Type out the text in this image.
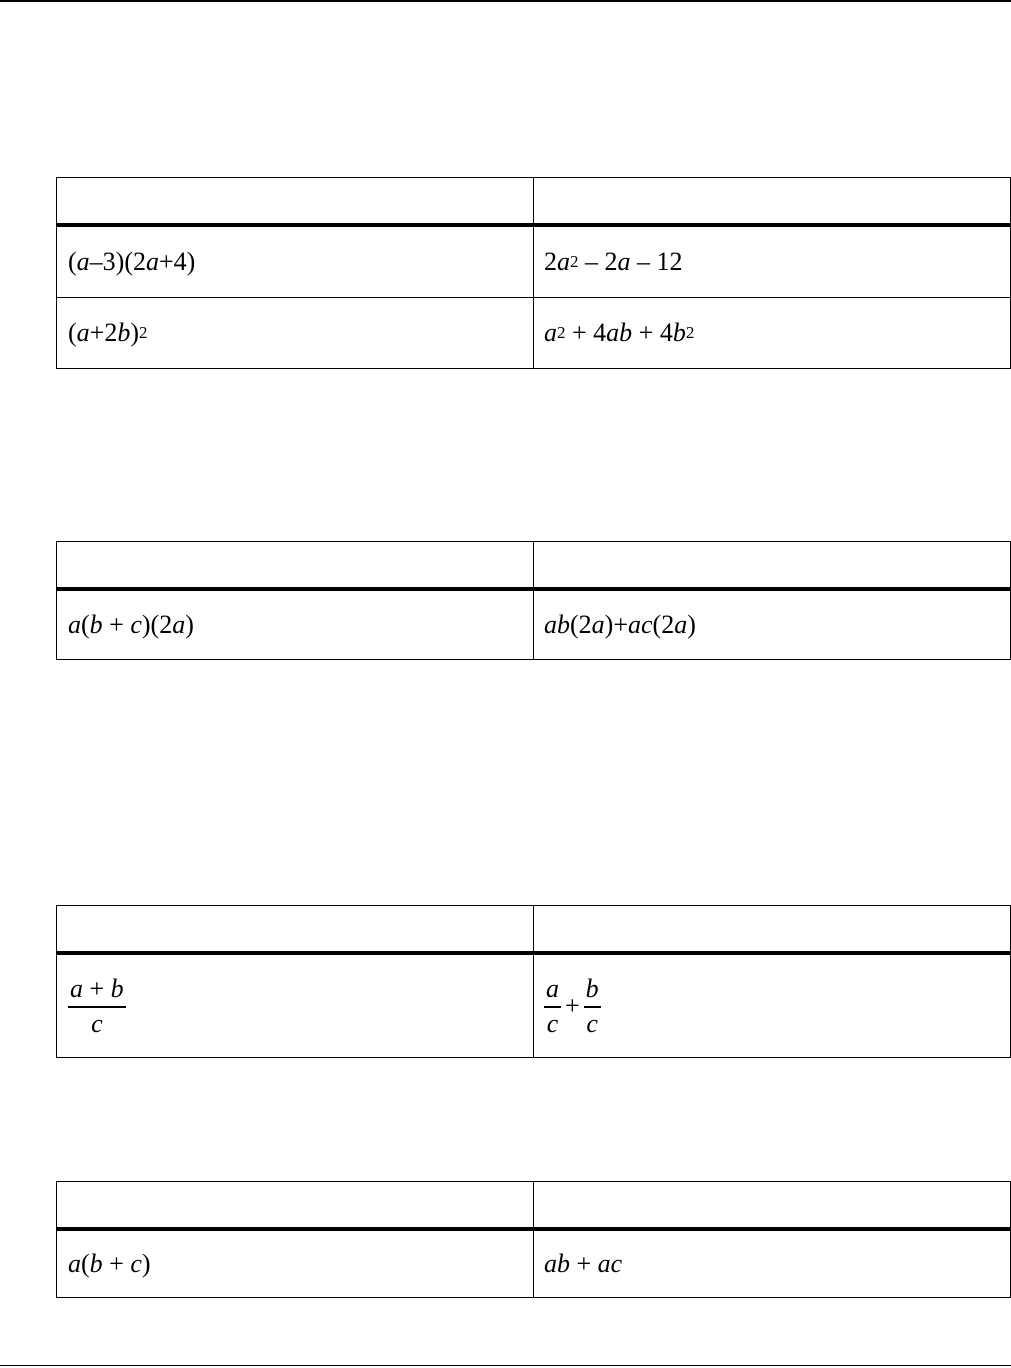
( a –3)(2 a +4)	2 a 2 – 2 a – 12
( a +2 b ) 2	a 2 + 4 ab + 4 b 2
a ( b + c )(2 a )	ab (2 a )+ ac (2 a )
$\frac{a + b}{c}$	$\frac{a}{c} + \frac{b}{c}$
a ( b + c )	ab + ac
